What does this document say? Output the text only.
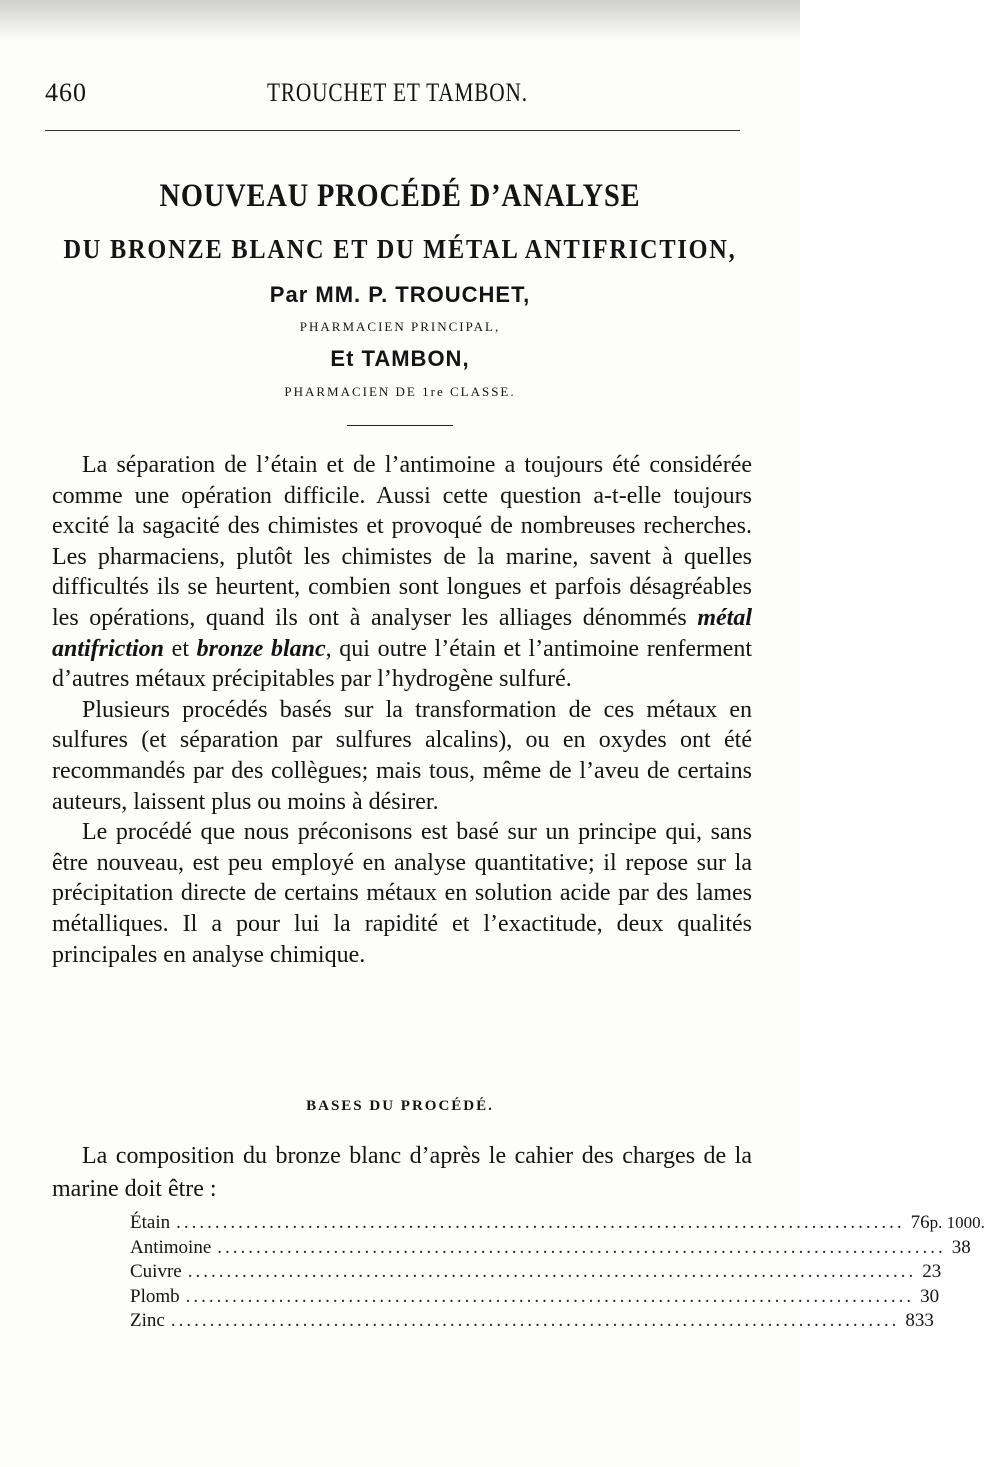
460	TROUCHET ET TAMBON.
NOUVEAU PROCÉDÉ D’ANALYSE
DU BRONZE BLANC ET DU MÉTAL ANTIFRICTION,
Par MM. P. TROUCHET,
PHARMACIEN PRINCIPAL,
Et TAMBON,
PHARMACIEN DE 1re CLASSE.

La séparation de l’étain et de l’antimoine a toujours été considérée comme une opération difficile. Aussi cette question a-t-elle toujours excité la sagacité des chimistes et provoqué de nombreuses recherches. Les pharmaciens, plutôt les chimistes de la marine, savent à quelles difficultés ils se heurtent, combien sont longues et parfois désagréables les opérations, quand ils ont à analyser les alliages dénommés métal antifriction et bronze blanc, qui outre l’étain et l’antimoine renferment d’autres métaux précipitables par l’hydrogène sulfuré.

Plusieurs procédés basés sur la transformation de ces métaux en sulfures (et séparation par sulfures alcalins), ou en oxydes ont été recommandés par des collègues; mais tous, même de l’aveu de certains auteurs, laissent plus ou moins à désirer.

Le procédé que nous préconisons est basé sur un principe qui, sans être nouveau, est peu employé en analyse quantitative; il repose sur la précipitation directe de certains métaux en solution acide par des lames métalliques. Il a pour lui la rapidité et l’exactitude, deux qualités principales en analyse chimique.

BASES DU PROCÉDÉ.

La composition du bronze blanc d’après le cahier des charges de la marine doit être :

Étain .............................................................................................. 76 p. 1000.
Antimoine .............................................................................................. 38
Cuivre .............................................................................................. 23
Plomb .............................................................................................. 30
Zinc .............................................................................................. 833
